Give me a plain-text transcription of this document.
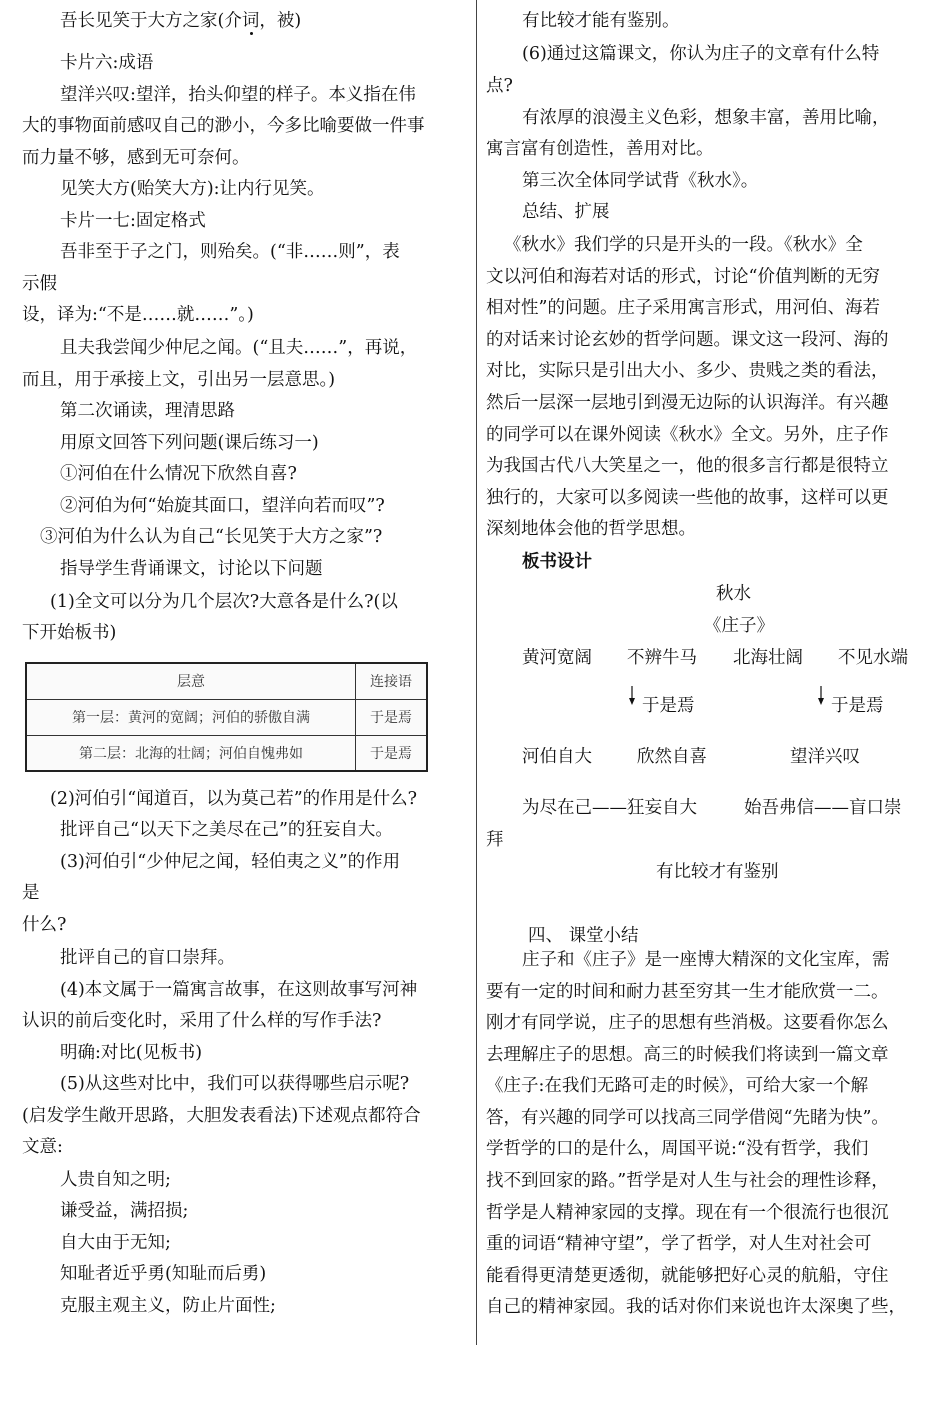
吾长见笑于大方之家(介词，被)
卡片六:成语
望洋兴叹:望洋，抬头仰望的样子。本义指在伟
大的事物面前感叹自己的渺小，今多比喻要做一件事
而力量不够，感到无可奈何。
见笑大方(贻笑大方):让内行见笑。
卡片一七:固定格式
吾非至于子之门，则殆矣。(“非……则”，表
示假
设，译为:“不是……就……”。)
且夫我尝闻少仲尼之闻。(“且夫……”，再说，
而且，用于承接上文，引出另一层意思。)
第二次诵读，理清思路
用原文回答下列问题(课后练习一)
①河伯在什么情况下欣然自喜?
②河伯为何“始旋其面口，望洋向若而叹”?
③河伯为什么认为自己“长见笑于大方之家”?
指导学生背诵课文，讨论以下问题
(1)全文可以分为几个层次?大意各是什么?(以
下开始板书)
层意	连接语
第一层：黄河的宽阔；河伯的骄傲自满	于是焉
第二层：北海的壮阔；河伯自愧弗如	于是焉
(2)河伯引“闻道百，以为莫己若”的作用是什么?
批评自己“以天下之美尽在己”的狂妄自大。
(3)河伯引“少仲尼之闻，轻伯夷之义”的作用
是
什么?
批评自己的盲口崇拜。
(4)本文属于一篇寓言故事，在这则故事写河神
认识的前后变化时，采用了什么样的写作手法?
明确:对比(见板书)
(5)从这些对比中，我们可以获得哪些启示呢?
(启发学生敞开思路，大胆发表看法)下述观点都符合
文意:
人贵自知之明;
谦受益，满招损;
自大由于无知;
知耻者近乎勇(知耻而后勇)
克服主观主义，防止片面性;
有比较才能有鉴别。
(6)通过这篇课文，你认为庄子的文章有什么特
点?
有浓厚的浪漫主义色彩，想象丰富，善用比喻，
寓言富有创造性，善用对比。
第三次全体同学试背《秋水》。
总结、扩展
《秋水》我们学的只是开头的一段。《秋水》全
文以河伯和海若对话的形式，讨论“价值判断的无穷
相对性”的问题。庄子采用寓言形式，用河伯、海若
的对话来讨论玄妙的哲学问题。课文这一段河、海的
对比，实际只是引出大小、多少、贵贱之类的看法，
然后一层深一层地引到漫无边际的认识海洋。有兴趣
的同学可以在课外阅读《秋水》全文。另外，庄子作
为我国古代八大笑星之一，他的很多言行都是很特立
独行的，大家可以多阅读一些他的故事，这样可以更
深刻地体会他的哲学思想。
板书设计
秋水
《庄子》
黄河宽阔 不辨牛马 北海壮阔 不见水端
于是焉	于是焉
河伯自大	欣然自喜	望洋兴叹
为尽在己——狂妄自大	始吾弗信——盲口崇
拜
有比较才有鉴别
四、 课堂小结
庄子和《庄子》是一座博大精深的文化宝库，需
要有一定的时间和耐力甚至穷其一生才能欣赏一二。
刚才有同学说，庄子的思想有些消极。这要看你怎么
去理解庄子的思想。高三的时候我们将读到一篇文章
《庄子:在我们无路可走的时候》，可给大家一个解
答，有兴趣的同学可以找高三同学借阅“先睹为快”。
学哲学的口的是什么，周国平说:“没有哲学，我们
找不到回家的路。”哲学是对人生与社会的理性诊释，
哲学是人精神家园的支撑。现在有一个很流行也很沉
重的词语“精神守望”，学了哲学，对人生对社会可
能看得更清楚更透彻，就能够把好心灵的航船，守住
自己的精神家园。我的话对你们来说也许太深奥了些，
